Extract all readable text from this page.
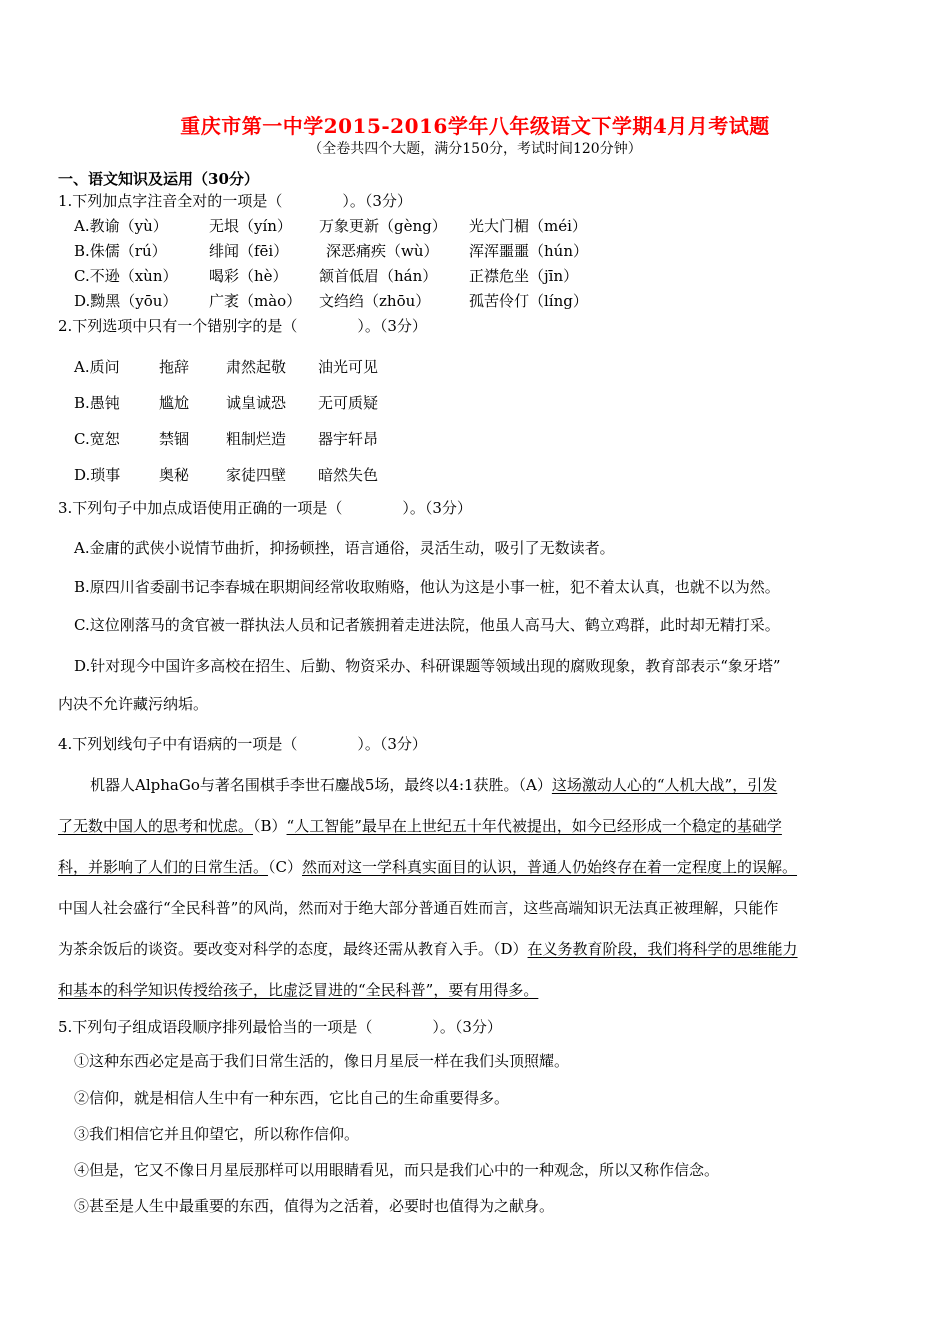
重庆市第一中学2015-2016学年八年级语文下学期4月月考试题
（全卷共四个大题，满分150分，考试时间120分钟）
一、语文知识及运用（30分）
1.下列加点字注音全对的一项是（　　　　）。（3分）
A.教谕（yù）	无垠（yín） 万象更新（gèng） 光大门楣（méi）
B.侏儒（rú）	绯闻（fēi）	深恶痛疾（wù） 浑浑噩噩（hún）
C.不逊（xùn） 喝彩（hè） 颔首低眉（hán） 正襟危坐（jīn）
D.黝黑（yōu） 广袤（mào） 文绉绉（zhōu）	孤苦伶仃（líng）
2.下列选项中只有一个错别字的是（　　　　）。（3分）
A.质问	拖辞 肃然起敬 油光可见
B.愚钝	尴尬 诚皇诚恐 无可质疑
C.宽恕	禁锢 粗制烂造 器宇轩昂
D.琐事	奥秘 家徒四壁 暗然失色
3.下列句子中加点成语使用正确的一项是（　　　　）。（3分）
A.金庸的武侠小说情节曲折，抑扬顿挫，语言通俗，灵活生动，吸引了无数读者。
B.原四川省委副书记李春城在职期间经常收取贿赂，他认为这是小事一桩，犯不着太认真，也就不以为然。
C.这位刚落马的贪官被一群执法人员和记者簇拥着走进法院，他虽人高马大、鹤立鸡群，此时却无精打采。
D.针对现今中国许多高校在招生、后勤、物资采办、科研课题等领域出现的腐败现象，教育部表示“象牙塔”
内决不允许藏污纳垢。
4.下列划线句子中有语病的一项是（　　　　）。（3分）
机器人AlphaGo与著名围棋手李世石鏖战5场，最终以4:1获胜。（A）这场激动人心的“人机大战”，引发
了无数中国人的思考和忧虑。（B）“人工智能”最早在上世纪五十年代被提出，如今已经形成一个稳定的基础学
科，并影响了人们的日常生活。（C）然而对这一学科真实面目的认识，普通人仍始终存在着一定程度上的误解。
中国人社会盛行“全民科普”的风尚，然而对于绝大部分普通百姓而言，这些高端知识无法真正被理解，只能作
为茶余饭后的谈资。要改变对科学的态度，最终还需从教育入手。（D）在义务教育阶段，我们将科学的思维能力
和基本的科学知识传授给孩子，比虚泛冒进的“全民科普”，要有用得多。
5.下列句子组成语段顺序排列最恰当的一项是（　　　　）。（3分）
①这种东西必定是高于我们日常生活的，像日月星辰一样在我们头顶照耀。
②信仰，就是相信人生中有一种东西，它比自己的生命重要得多。
③我们相信它并且仰望它，所以称作信仰。
④但是，它又不像日月星辰那样可以用眼睛看见，而只是我们心中的一种观念，所以又称作信念。
⑤甚至是人生中最重要的东西，值得为之活着，必要时也值得为之献身。
